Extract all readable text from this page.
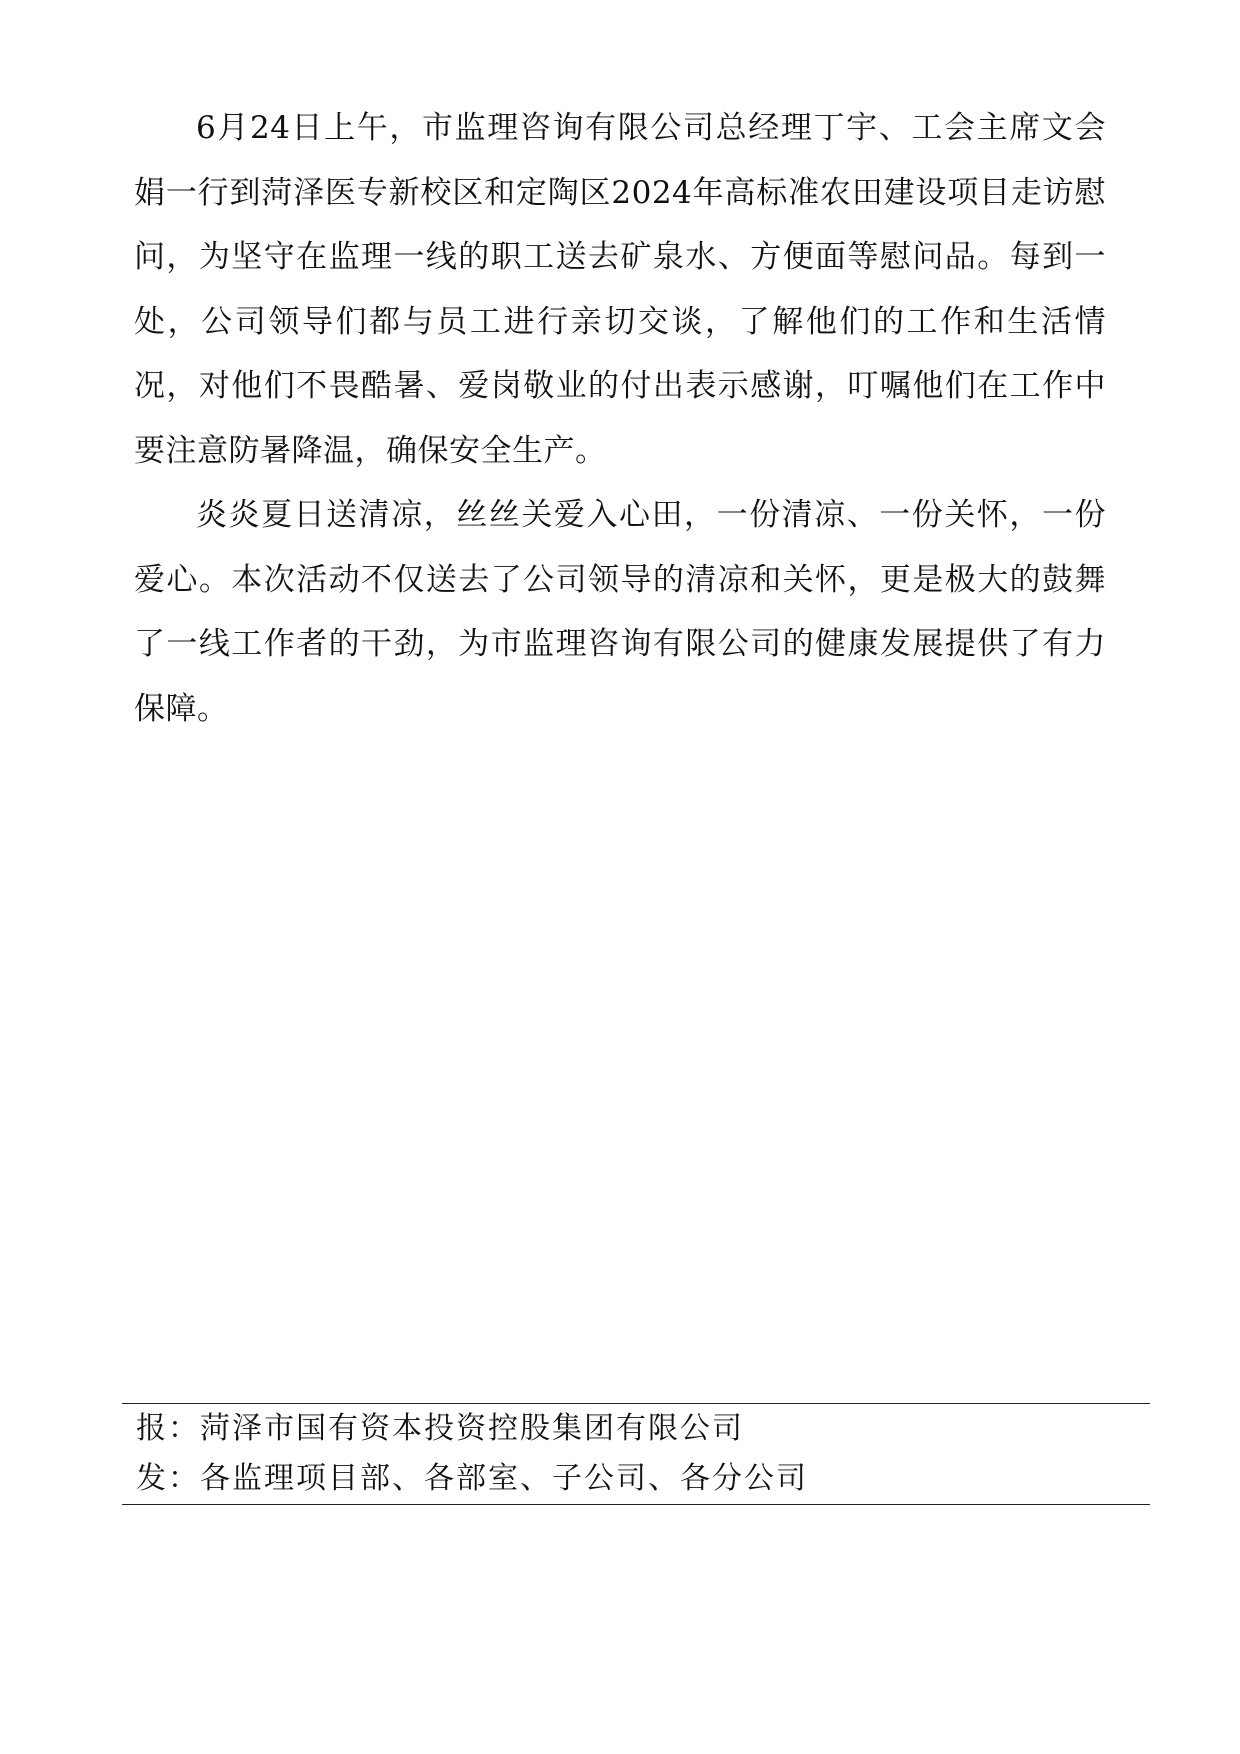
6月24日上午，市监理咨询有限公司总经理丁宇、工会主席文会娟一行到菏泽医专新校区和定陶区2024年高标准农田建设项目走访慰问，为坚守在监理一线的职工送去矿泉水、方便面等慰问品。每到一处，公司领导们都与员工进行亲切交谈，了解他们的工作和生活情况，对他们不畏酷暑、爱岗敬业的付出表示感谢，叮嘱他们在工作中要注意防暑降温，确保安全生产。

炎炎夏日送清凉，丝丝关爱入心田，一份清凉、一份关怀，一份爱心。本次活动不仅送去了公司领导的清凉和关怀，更是极大的鼓舞了一线工作者的干劲，为市监理咨询有限公司的健康发展提供了有力保障。

报：菏泽市国有资本投资控股集团有限公司
发：各监理项目部、各部室、子公司、各分公司
